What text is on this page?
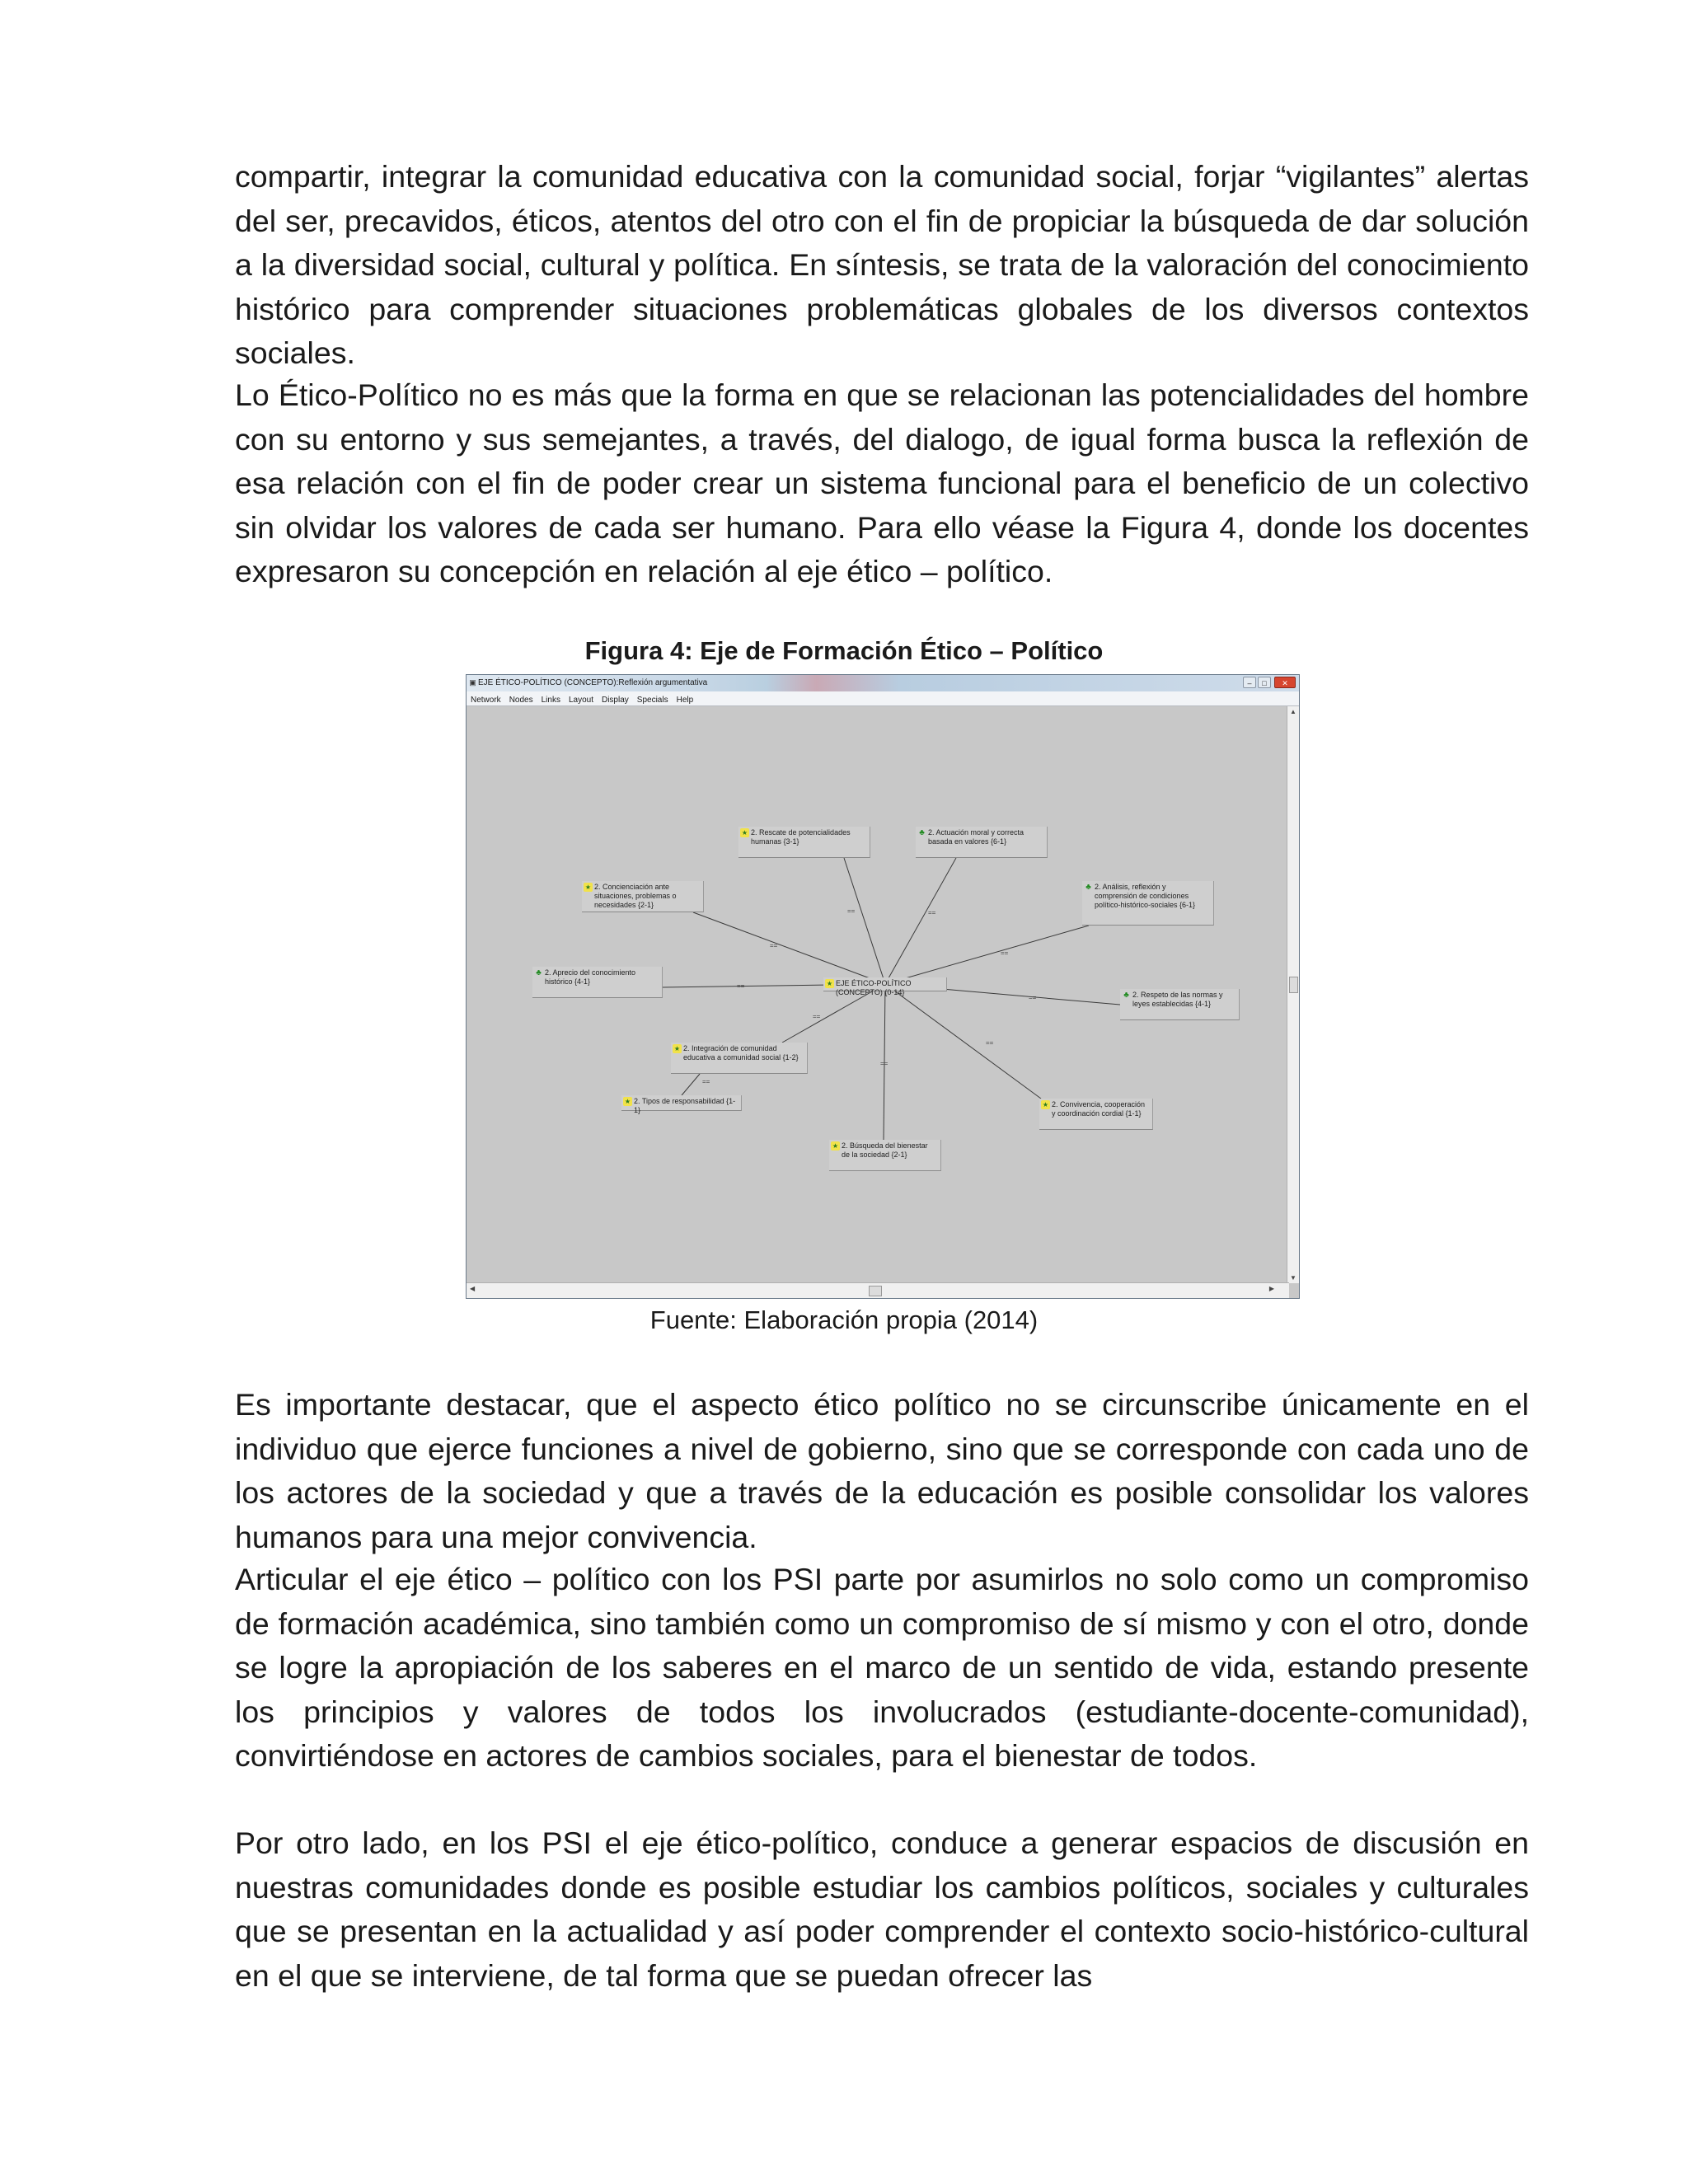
compartir, integrar la comunidad educativa con la comunidad social, forjar “vigilantes” alertas del ser, precavidos, éticos, atentos del otro con el fin de propiciar la búsqueda de dar solución a la diversidad social, cultural y política. En síntesis, se trata de la valoración del conocimiento histórico para comprender situaciones problemáticas globales de los diversos contextos sociales.

Lo Ético-Político no es más que la forma en que se relacionan las potencialidades del hombre con su entorno y sus semejantes, a través, del dialogo, de igual forma busca la reflexión de esa relación con el fin de poder crear un sistema funcional para el beneficio de un colectivo sin olvidar los valores de cada ser humano. Para ello véase la Figura 4, donde los docentes expresaron su concepción en relación al eje ético – político.

Figura 4: Eje de Formación Ético – Político
▣ EJE ÉTICO-POLÍTICO (CONCEPTO):Reflexión argumentativa	–	□	✕
Network Nodes Links Layout Display Specials Help
==	==
==
==
==
==
==
==
==
==
★ EJE ÉTICO-POLÍTICO (CONCEPTO) {0-14}
★ 2. Rescate de potencialidades humanas {3-1}
♣ 2. Actuación moral y correcta basada en valores {6-1}
★ 2. Concienciación ante situaciones, problemas o necesidades {2-1}
♣ 2. Análisis, reflexión y comprensión de condiciones político-histórico-sociales {6-1}
♣ 2. Aprecio del conocimiento histórico {4-1}
♣ 2. Respeto de las normas y leyes establecidas {4-1}
★ 2. Integración de comunidad educativa a comunidad social {1-2}
★ 2. Tipos de responsabilidad {1-1}
★ 2. Convivencia, cooperación y coordinación cordial {1-1}
★ 2. Búsqueda del bienestar de la sociedad {2-1}
▲
▼
◀	▶
Fuente: Elaboración propia (2014)

Es importante destacar, que el aspecto ético político no se circunscribe únicamente en el individuo que ejerce funciones a nivel de gobierno, sino que se corresponde con cada uno de los actores de la sociedad y que a través de la educación es posible consolidar los valores humanos para una mejor convivencia.

Articular el eje ético – político con los PSI parte por asumirlos no solo como un compromiso de formación académica, sino también como un compromiso de sí mismo y con el otro, donde se logre la apropiación de los saberes en el marco de un sentido de vida, estando presente los principios y valores de todos los involucrados (estudiante-docente-comunidad), convirtiéndose en actores de cambios sociales, para el bienestar de todos.

Por otro lado, en los PSI el eje ético-político, conduce a generar espacios de discusión en nuestras comunidades donde es posible estudiar los cambios políticos, sociales y culturales que se presentan en la actualidad y así poder comprender el contexto socio-histórico-cultural en el que se interviene, de tal forma que se puedan ofrecer las
